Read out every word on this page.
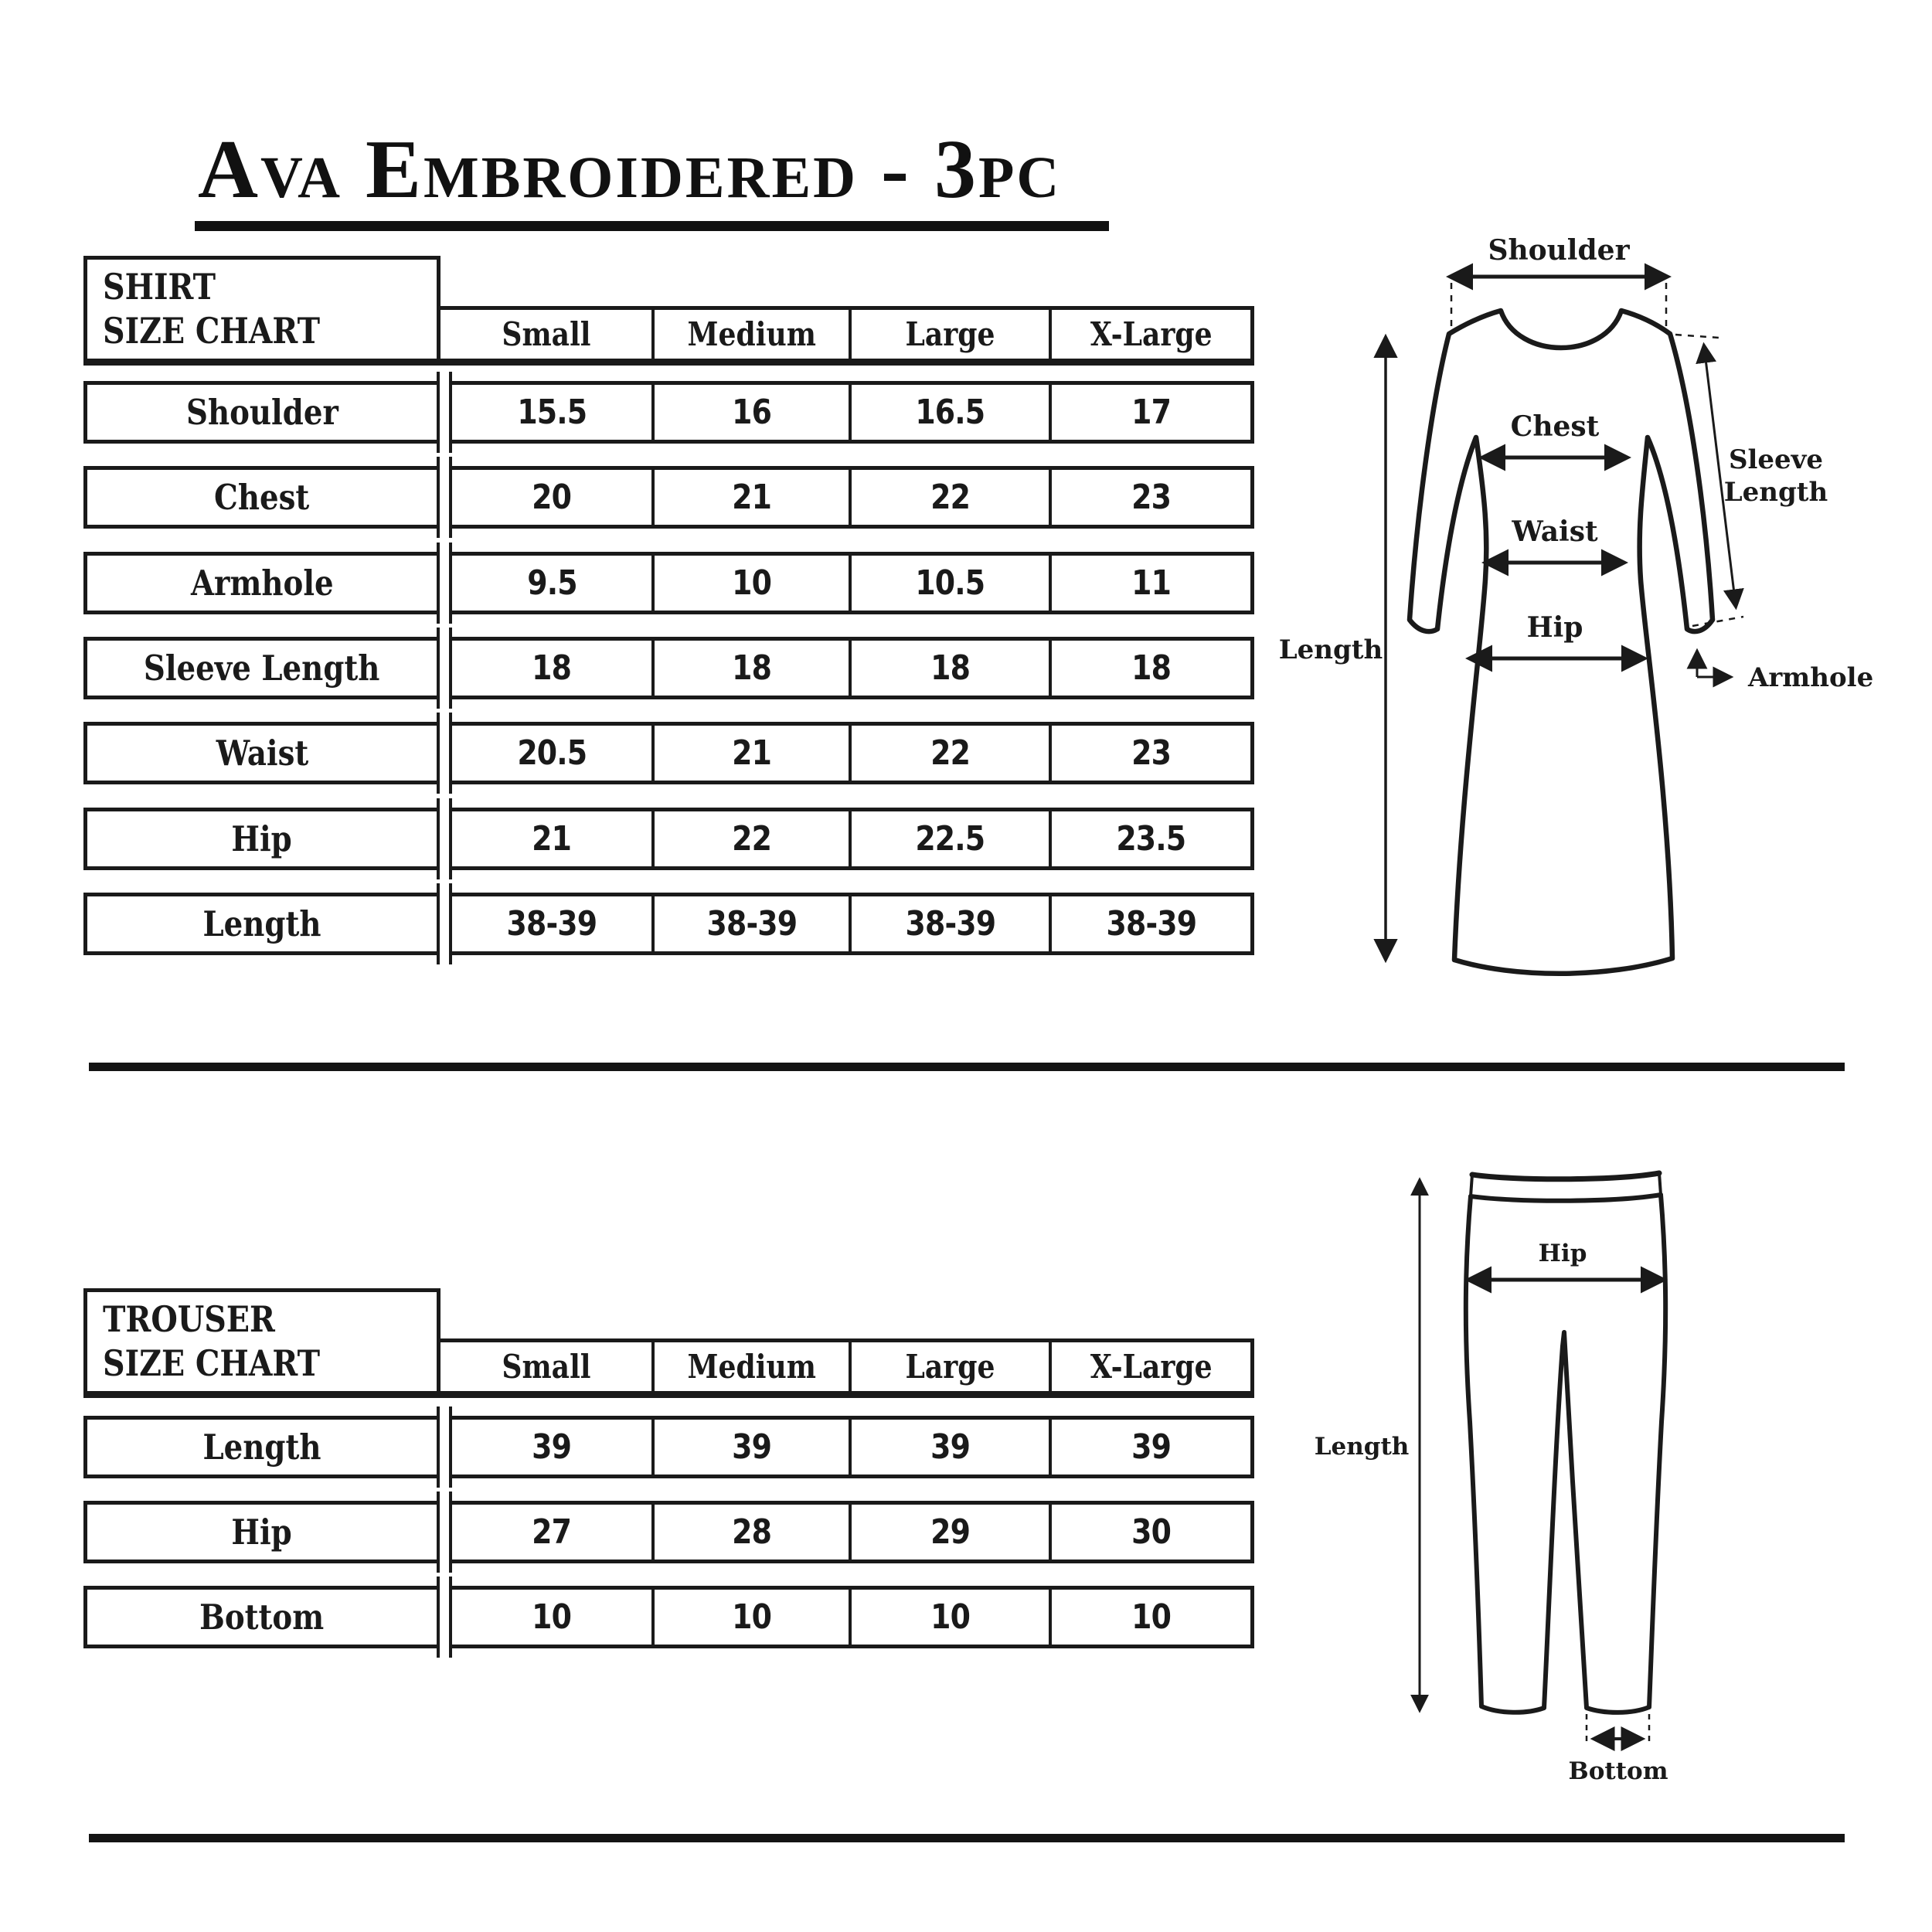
Ava Embroidered - 3pc
SHIRT
SIZE CHART	Small	Medium	Large	X-Large
Shoulder	15.5	16	16.5	17
Chest	20	21	22	23
Armhole	9.5	10	10.5	11
Sleeve Length	18	18	18	18
Waist	20.5	21	22	23
Hip	21	22	22.5	23.5
Length	38-39	38-39	38-39	38-39
Shoulder
Chest
Waist
Hip
Sleeve
Length
Armhole
Length
TROUSER
SIZE CHART	Small	Medium	Large	X-Large
Length	39	39	39	39
Hip	27	28	29	30
Bottom	10	10	10	10
Hip
Length
Bottom
